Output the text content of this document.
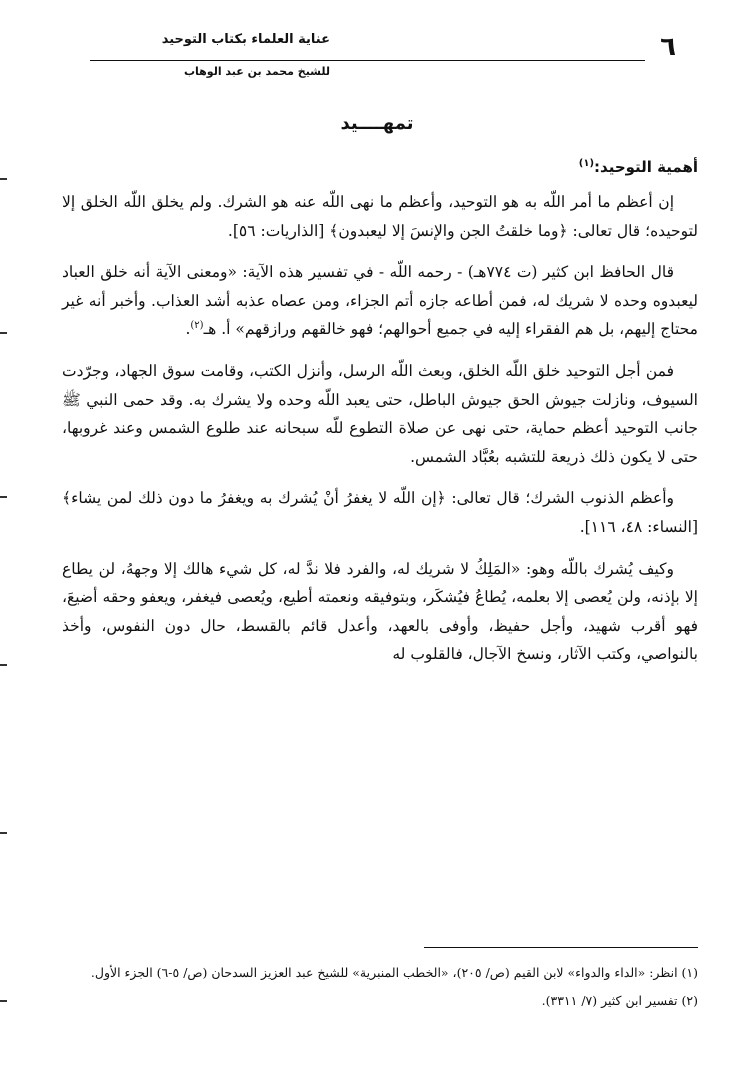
٦
عناية العلماء بكتاب التوحيد
للشيخ محمد بن عبد الوهاب
تمهــــيد
أهمية التوحيد:$^{(١)}$

إن أعظم ما أمر اللّه به هو التوحيد، وأعظم ما نهى اللّه عنه هو الشرك. ولم يخلق اللّه الخلق إلا لتوحيده؛ قال تعالى: ﴿وما خلقتُ الجن والإنسَ إلا ليعبدون﴾ [الذاريات: ٥٦].

قال الحافظ ابن كثير (ت ٧٧٤هـ) - رحمه اللّه - في تفسير هذه الآية: «ومعنى الآية أنه خلق العباد ليعبدوه وحده لا شريك له، فمن أطاعه جازه أتم الجزاء، ومن عصاه عذبه أشد العذاب. وأخبر أنه غير محتاج إليهم، بل هم الفقراء إليه في جميع أحوالهم؛ فهو خالقهم ورازقهم» أ. هـ$^{(٢)}$.

فمن أجل التوحيد خلق اللّه الخلق، وبعث اللّه الرسل، وأنزل الكتب، وقامت سوق الجهاد، وجرّدت السيوف، ونازلت جيوش الحق جيوش الباطل، حتى يعبد اللّه وحده ولا يشرك به. وقد حمى النبي ﷺ جانب التوحيد أعظم حماية، حتى نهى عن صلاة التطوع للّه سبحانه عند طلوع الشمس وعند غروبها، حتى لا يكون ذلك ذريعة للتشبه بعُبَّاد الشمس.

وأعظم الذنوب الشرك؛ قال تعالى: ﴿إن اللّه لا يغفرُ أنْ يُشرك به ويغفرُ ما دون ذلك لمن يشاء﴾ [النساء: ٤٨، ١١٦].

وكيف يُشرك باللّه وهو: «المَلِكُ لا شريك له، والفرد فلا ندَّ له، كل شيء هالك إلا وجههُ، لن يطاع إلا بإذنه، ولن يُعصى إلا بعلمه، يُطاعُ فيُشكَر، وبتوفيقه ونعمته أطيع، ويُعصى فيغفر، ويعفو وحقه أضيعَ، فهو أقرب شهيد، وأجل حفيظ، وأوفى بالعهد، وأعدل قائم بالقسط، حال دون النفوس، وأخذ بالنواصي، وكتب الآثار، ونسخ الآجال، فالقلوب له

(١) انظر: «الداء والدواء» لابن القيم (ص/ ٢٠٥)، «الخطب المنبرية» للشيخ عبد العزيز السدحان (ص/ ٥-٦) الجزء الأول.

(٢) تفسير ابن كثير (٧/ ٣٣١١).
